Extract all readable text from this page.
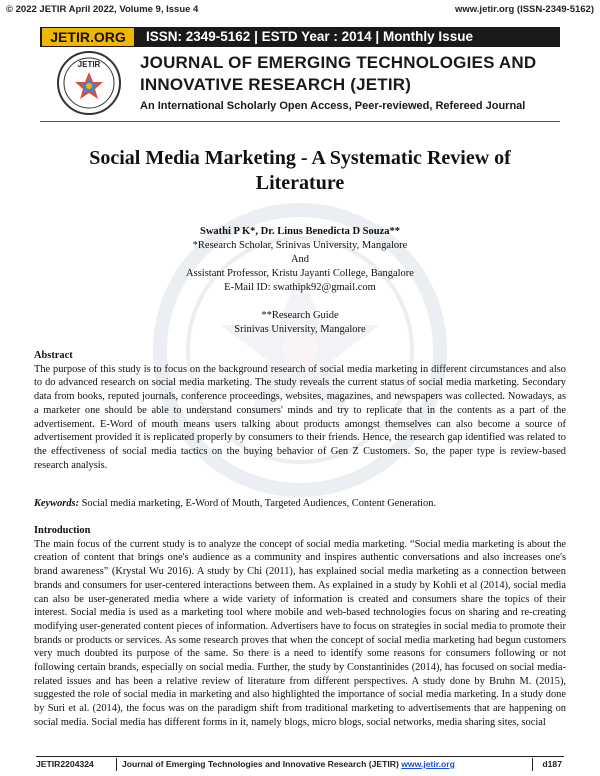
© 2022 JETIR April 2022, Volume 9, Issue 4	www.jetir.org (ISSN-2349-5162)
JETIR.ORG	ISSN: 2349-5162 | ESTD Year : 2014 | Monthly Issue
JETIR JOURNAL OF EMERGING TECHNOLOGIES AND
INNOVATIVE RESEARCH (JETIR)
An International Scholarly Open Access, Peer-reviewed, Refereed Journal
Social Media Marketing - A Systematic Review of
Literature
Swathi P K*, Dr. Linus Benedicta D Souza**
*Research Scholar, Srinivas University, Mangalore
And
Assistant Professor, Kristu Jayanti College, Bangalore
E-Mail ID: swathipk92@gmail.com
**Research Guide
Srinivas University, Mangalore
Abstract
The purpose of this study is to focus on the background research of social media marketing in different circumstances and also to do advanced research on social media marketing. The study reveals the current status of social media marketing. Secondary data from books, reputed journals, conference proceedings, websites, magazines, and newspapers was collected. Nowadays, as a marketer one should be able to understand consumers' minds and try to replicate that in the contents as a part of the advertisement. E-Word of mouth means users talking about products amongst themselves can also become a source of advertisement provided it is replicated properly by consumers to their friends. Hence, the research gap identified was related to the effectiveness of social media tactics on the buying behavior of Gen Z Customers. So, the paper type is review-based research analysis.
Keywords: Social media marketing, E-Word of Mouth, Targeted Audiences, Content Generation.
Introduction
The main focus of the current study is to analyze the concept of social media marketing. “Social media marketing is about the creation of content that brings one's audience as a community and inspires authentic conversations and also increases one's brand awareness” (Krystal Wu 2016). A study by Chi (2011), has explained social media marketing as a connection between brands and consumers for user-centered interactions between them. As explained in a study by Kohli et al (2014), social media can also be user-generated media where a wide variety of information is created and consumers share the topics of their interest. Social media is used as a marketing tool where mobile and web-based technologies focus on sharing and re-creating modifying user-generated content pieces of information. Advertisers have to focus on strategies in social media to promote their brands or products or services. As some research proves that when the concept of social media marketing had begun customers very much doubted its purpose of the same. So there is a need to identify some reasons for consumers following or not following certain brands, especially on social media. Further, the study by Constantinides (2014), has focused on social media-related issues and has been a relative review of literature from different perspectives. A study done by Bruhn M. (2015), suggested the role of social media in marketing and also highlighted the importance of social media marketing. In a study done by Suri et al. (2014), the focus was on the paradigm shift from traditional marketing to advertisements that are happening on social media. Social media has different forms in it, namely blogs, micro blogs, social networks, media sharing sites, social
JETIR2204324	Journal of Emerging Technologies and Innovative Research (JETIR) www.jetir.org	d187
